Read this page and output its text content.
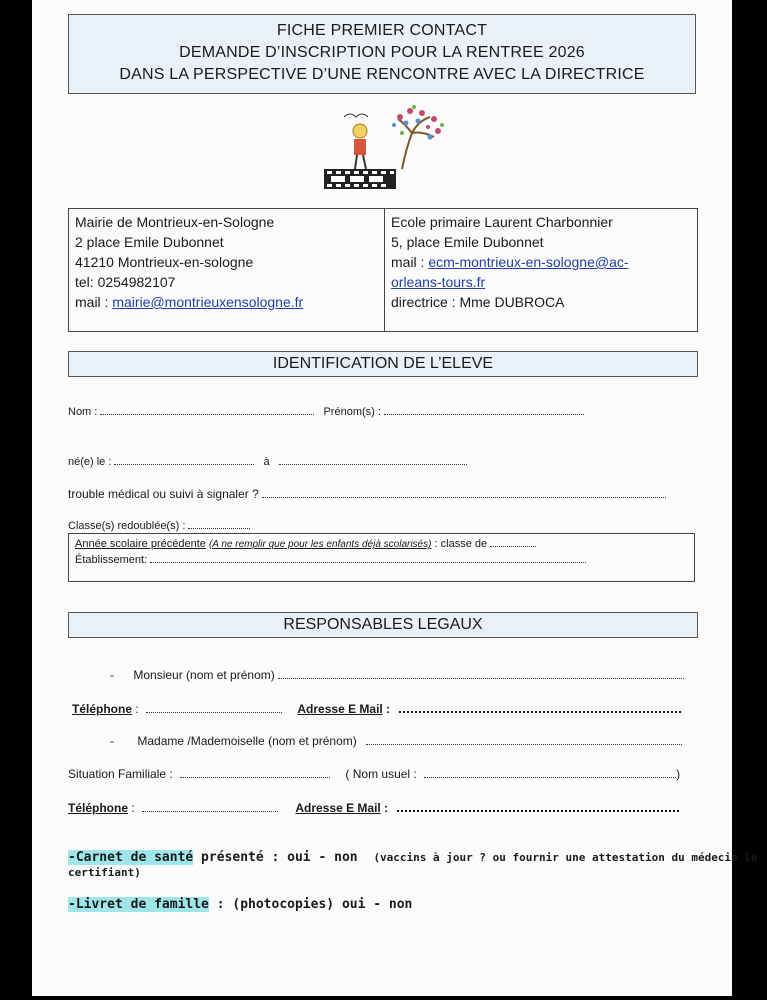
FICHE PREMIER CONTACT
DEMANDE D’INSCRIPTION POUR LA RENTREE 2026
DANS LA PERSPECTIVE D’UNE RENCONTRE AVEC LA DIRECTRICE
Mairie de Montrieux-en-Sologne
2 place Emile Dubonnet
41210 Montrieux-en-sologne
tel: 0254982107
mail : mairie@montrieuxensologne.fr
Ecole primaire Laurent Charbonnier
5, place Emile Dubonnet
mail : ecm-montrieux-en-sologne@ac-
orleans-tours.fr
directrice : Mme DUBROCA
IDENTIFICATION DE L’ELEVE
Nom :	Prénom(s) :
né(e) le :	à
trouble médical ou suivi à signaler ?
Classe(s) redoublée(s) :
Année scolaire précédente (A ne remplir que pour les enfants déjà scolarisés) : classe de
Établissement:
RESPONSABLES LEGAUX
- Monsieur (nom et prénom)
Téléphone :	Adresse E Mail :
- Madame /Mademoiselle (nom et prénom)
Situation Familiale :	( Nom usuel :	)
Téléphone :	Adresse E Mail :
-Carnet de santé présenté : oui - non (vaccins à jour ? ou fournir une attestation du médecin le
certifiant)
-Livret de famille : (photocopies) oui - non
